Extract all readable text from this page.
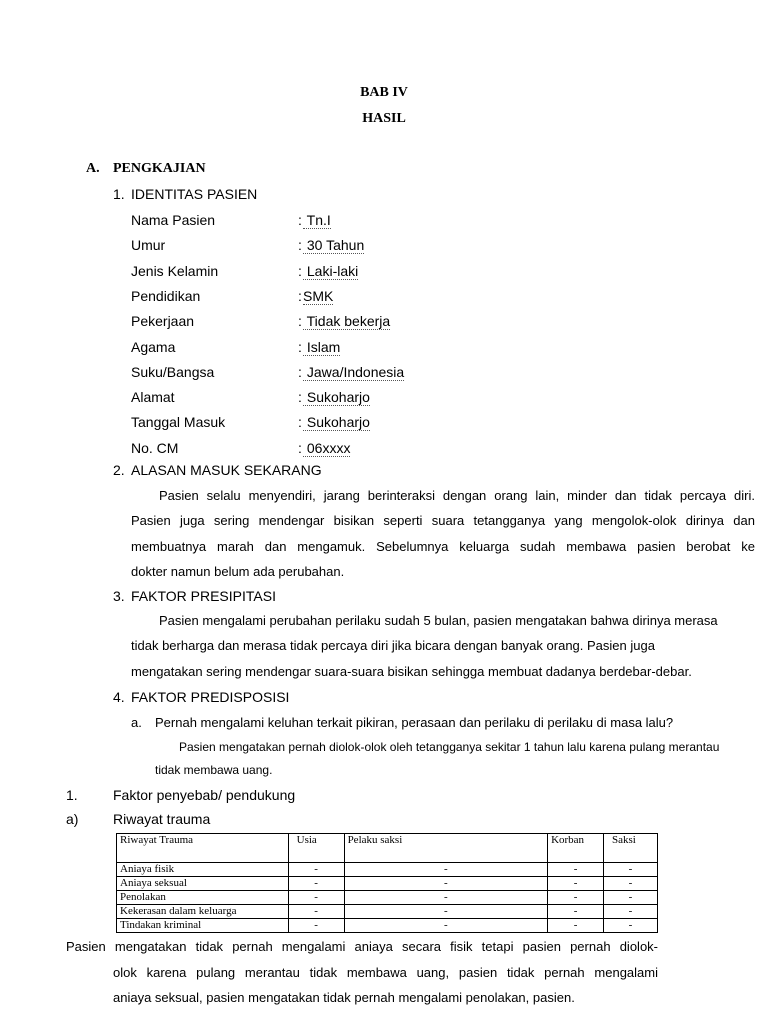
BAB IV
HASIL
A. PENGKAJIAN
1. IDENTITAS PASIEN
Nama Pasien	: Tn.I
Umur	: 30 Tahun
Jenis Kelamin	: Laki-laki
Pendidikan	: SMK
Pekerjaan	: Tidak bekerja
Agama	: Islam
Suku/Bangsa	: Jawa/Indonesia
Alamat	: Sukoharjo
Tanggal Masuk	: Sukoharjo
No. CM	: 06xxxx
2. ALASAN MASUK SEKARANG
Pasien selalu menyendiri, jarang berinteraksi dengan orang lain, minder dan tidak percaya diri.
Pasien juga sering mendengar bisikan seperti suara tetangganya yang mengolok-olok dirinya dan
membuatnya marah dan mengamuk. Sebelumnya keluarga sudah membawa pasien berobat ke
dokter namun belum ada perubahan.
3. FAKTOR PRESIPITASI
Pasien mengalami perubahan perilaku sudah 5 bulan, pasien mengatakan bahwa dirinya merasa
tidak berharga dan merasa tidak percaya diri jika bicara dengan banyak orang. Pasien juga
mengatakan sering mendengar suara-suara bisikan sehingga membuat dadanya berdebar-debar.
4. FAKTOR PREDISPOSISI
a. Pernah mengalami keluhan terkait pikiran, perasaan dan perilaku di perilaku di masa lalu?
Pasien mengatakan pernah diolok-olok oleh tetangganya sekitar 1 tahun lalu karena pulang merantau
tidak membawa uang.
1.	Faktor penyebab/ pendukung
a) Riwayat trauma
Riwayat Trauma	Usia	Pelaku saksi	Korban	Saksi
Aniaya fisik	-	-	-	-
Aniaya seksual	-	-	-	-
Penolakan	-	-	-	-
Kekerasan dalam keluarga	-	-	-	-
Tindakan kriminal	-	-	-	-
Pasien mengatakan tidak pernah mengalami aniaya secara fisik tetapi pasien pernah diolok-
olok karena pulang merantau tidak membawa uang, pasien tidak pernah mengalami
aniaya seksual, pasien mengatakan tidak pernah mengalami penolakan, pasien.
